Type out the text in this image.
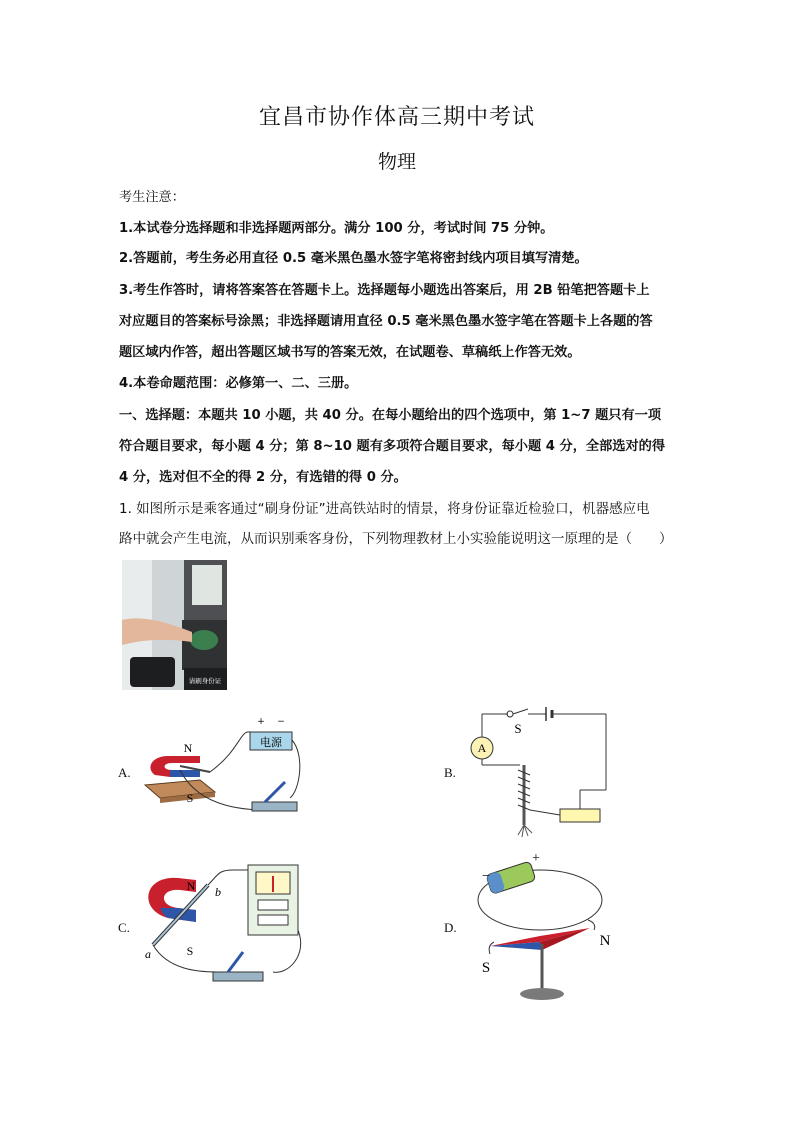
宜昌市协作体高三期中考试
物理
考生注意：
1.本试卷分选择题和非选择题两部分。满分 100 分，考试时间 75 分钟。
2.答题前，考生务必用直径 0.5 毫米黑色墨水签字笔将密封线内项目填写清楚。
3.考生作答时，请将答案答在答题卡上。选择题每小题选出答案后，用 2B 铅笔把答题卡上
对应题目的答案标号涂黑；非选择题请用直径 0.5 毫米黑色墨水签字笔在答题卡上各题的答
题区域内作答，超出答题区域书写的答案无效，在试题卷、草稿纸上作答无效。
4.本卷命题范围：必修第一、二、三册。
一、选择题：本题共 10 小题，共 40 分。在每小题给出的四个选项中，第 1~7 题只有一项
符合题目要求，每小题 4 分；第 8~10 题有多项符合题目要求，每小题 4 分，全部选对的得
4 分，选对但不全的得 2 分，有选错的得 0 分。
1. 如图所示是乘客通过“刷身份证”进高铁站时的情景，将身份证靠近检验口，机器感应电
路中就会产生电流，从而识别乘客身份，下列物理教材上小实验能说明这一原理的是（　　）
请刷身份证
A.
电源
+ −
N
S
B.
A
S
C.
N
S
a
b
D.
−
+
S
N
